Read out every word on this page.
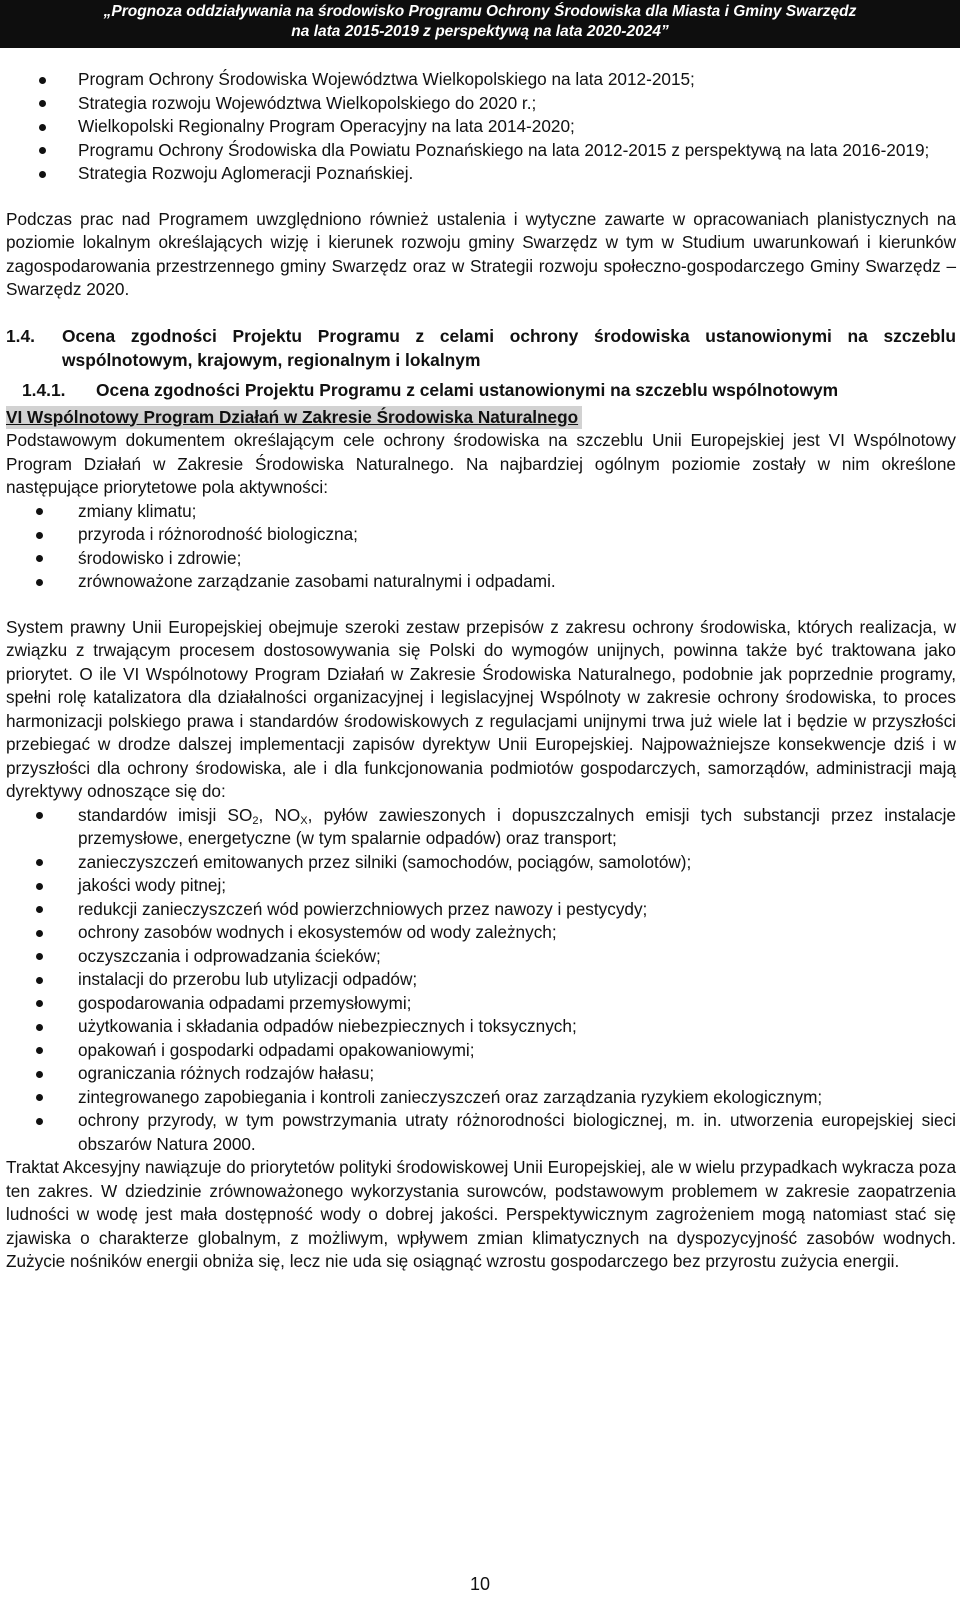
„Prognoza oddziaływania na środowisko Programu Ochrony Środowiska dla Miasta i Gminy Swarzędz
na lata 2015-2019 z perspektywą na lata 2020-2024”
Program Ochrony Środowiska Województwa Wielkopolskiego na lata 2012-2015;
Strategia rozwoju Województwa Wielkopolskiego do 2020 r.;
Wielkopolski Regionalny Program Operacyjny na lata 2014-2020;
Programu Ochrony Środowiska dla Powiatu Poznańskiego na lata 2012-2015 z perspektywą na lata 2016-2019;
Strategia Rozwoju Aglomeracji Poznańskiej.

Podczas prac nad Programem uwzględniono również ustalenia i wytyczne zawarte w opracowaniach planistycznych na poziomie lokalnym określających wizję i kierunek rozwoju gminy Swarzędz w tym w Studium uwarunkowań i kierunków zagospodarowania przestrzennego gminy Swarzędz oraz w Strategii rozwoju społeczno-gospodarczego Gminy Swarzędz – Swarzędz 2020.

1.4.	Ocena zgodności Projektu Programu z celami ochrony środowiska ustanowionymi na szczeblu wspólnotowym, krajowym, regionalnym i lokalnym
1.4.1.	Ocena zgodności Projektu Programu z celami ustanowionymi na szczeblu wspólnotowym
VI Wspólnotowy Program Działań w Zakresie Środowiska Naturalnego

Podstawowym dokumentem określającym cele ochrony środowiska na szczeblu Unii Europejskiej jest VI Wspólnotowy Program Działań w Zakresie Środowiska Naturalnego. Na najbardziej ogólnym poziomie zostały w nim określone następujące priorytetowe pola aktywności:

zmiany klimatu;
przyroda i różnorodność biologiczna;
środowisko i zdrowie;
zrównoważone zarządzanie zasobami naturalnymi i odpadami.

System prawny Unii Europejskiej obejmuje szeroki zestaw przepisów z zakresu ochrony środowiska, których realizacja, w związku z trwającym procesem dostosowywania się Polski do wymogów unijnych, powinna także być traktowana jako priorytet. O ile VI Wspólnotowy Program Działań w Zakresie Środowiska Naturalnego, podobnie jak poprzednie programy, spełni rolę katalizatora dla działalności organizacyjnej i legislacyjnej Wspólnoty w zakresie ochrony środowiska, to proces harmonizacji polskiego prawa i standardów środowiskowych z regulacjami unijnymi trwa już wiele lat i będzie w przyszłości przebiegać w drodze dalszej implementacji zapisów dyrektyw Unii Europejskiej. Najpoważniejsze konsekwencje dziś i w przyszłości dla ochrony środowiska, ale i dla funkcjonowania podmiotów gospodarczych, samorządów, administracji mają dyrektywy odnoszące się do:

standardów imisji $SO_2$, $NO_X$, pyłów zawieszonych i dopuszczalnych emisji tych substancji przez instalacje przemysłowe, energetyczne (w tym spalarnie odpadów) oraz transport;
zanieczyszczeń emitowanych przez silniki (samochodów, pociągów, samolotów);
jakości wody pitnej;
redukcji zanieczyszczeń wód powierzchniowych przez nawozy i pestycydy;
ochrony zasobów wodnych i ekosystemów od wody zależnych;
oczyszczania i odprowadzania ścieków;
instalacji do przerobu lub utylizacji odpadów;
gospodarowania odpadami przemysłowymi;
użytkowania i składania odpadów niebezpiecznych i toksycznych;
opakowań i gospodarki odpadami opakowaniowymi;
ograniczania różnych rodzajów hałasu;
zintegrowanego zapobiegania i kontroli zanieczyszczeń oraz zarządzania ryzykiem ekologicznym;
ochrony przyrody, w tym powstrzymania utraty różnorodności biologicznej, m. in. utworzenia europejskiej sieci obszarów Natura 2000.

Traktat Akcesyjny nawiązuje do priorytetów polityki środowiskowej Unii Europejskiej, ale w wielu przypadkach wykracza poza ten zakres. W dziedzinie zrównoważonego wykorzystania surowców, podstawowym problemem w zakresie zaopatrzenia ludności w wodę jest mała dostępność wody o dobrej jakości. Perspektywicznym zagrożeniem mogą natomiast stać się zjawiska o charakterze globalnym, z możliwym, wpływem zmian klimatycznych na dyspozycyjność zasobów wodnych. Zużycie nośników energii obniża się, lecz nie uda się osiągnąć wzrostu gospodarczego bez przyrostu zużycia energii.

10
